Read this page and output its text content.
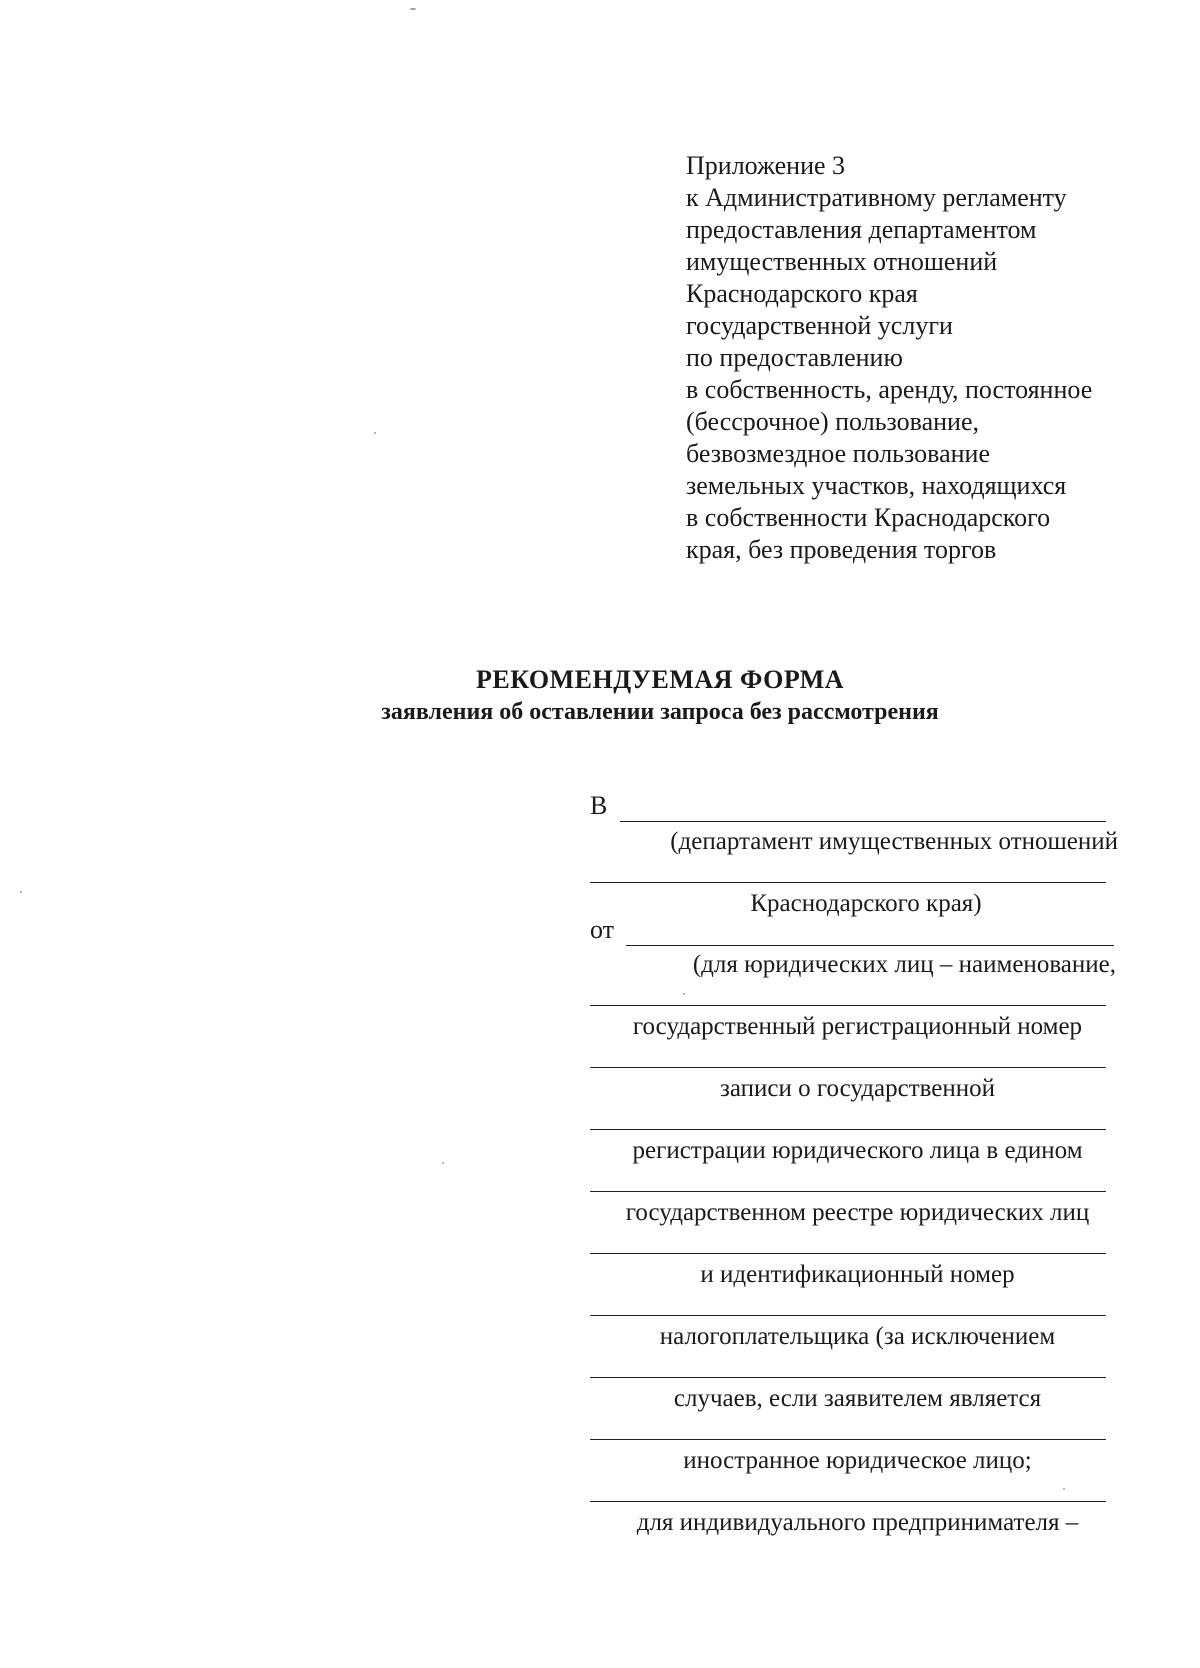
Приложение 3
к Административному регламенту
предоставления департаментом
имущественных отношений
Краснодарского края
государственной услуги
по предоставлению
в собственность, аренду, постоянное
(бессрочное) пользование,
безвозмездное пользование
земельных участков, находящихся
в собственности Краснодарского
края, без проведения торгов
РЕКОМЕНДУЕМАЯ ФОРМА
заявления об оставлении запроса без рассмотрения
В
(департамент имущественных отношений
Краснодарского края)
от
(для юридических лиц – наименование,
государственный регистрационный номер
записи о государственной
регистрации юридического лица в едином
государственном реестре юридических лиц
и идентификационный номер
налогоплательщика (за исключением
случаев, если заявителем является
иностранное юридическое лицо;
для индивидуального предпринимателя –
